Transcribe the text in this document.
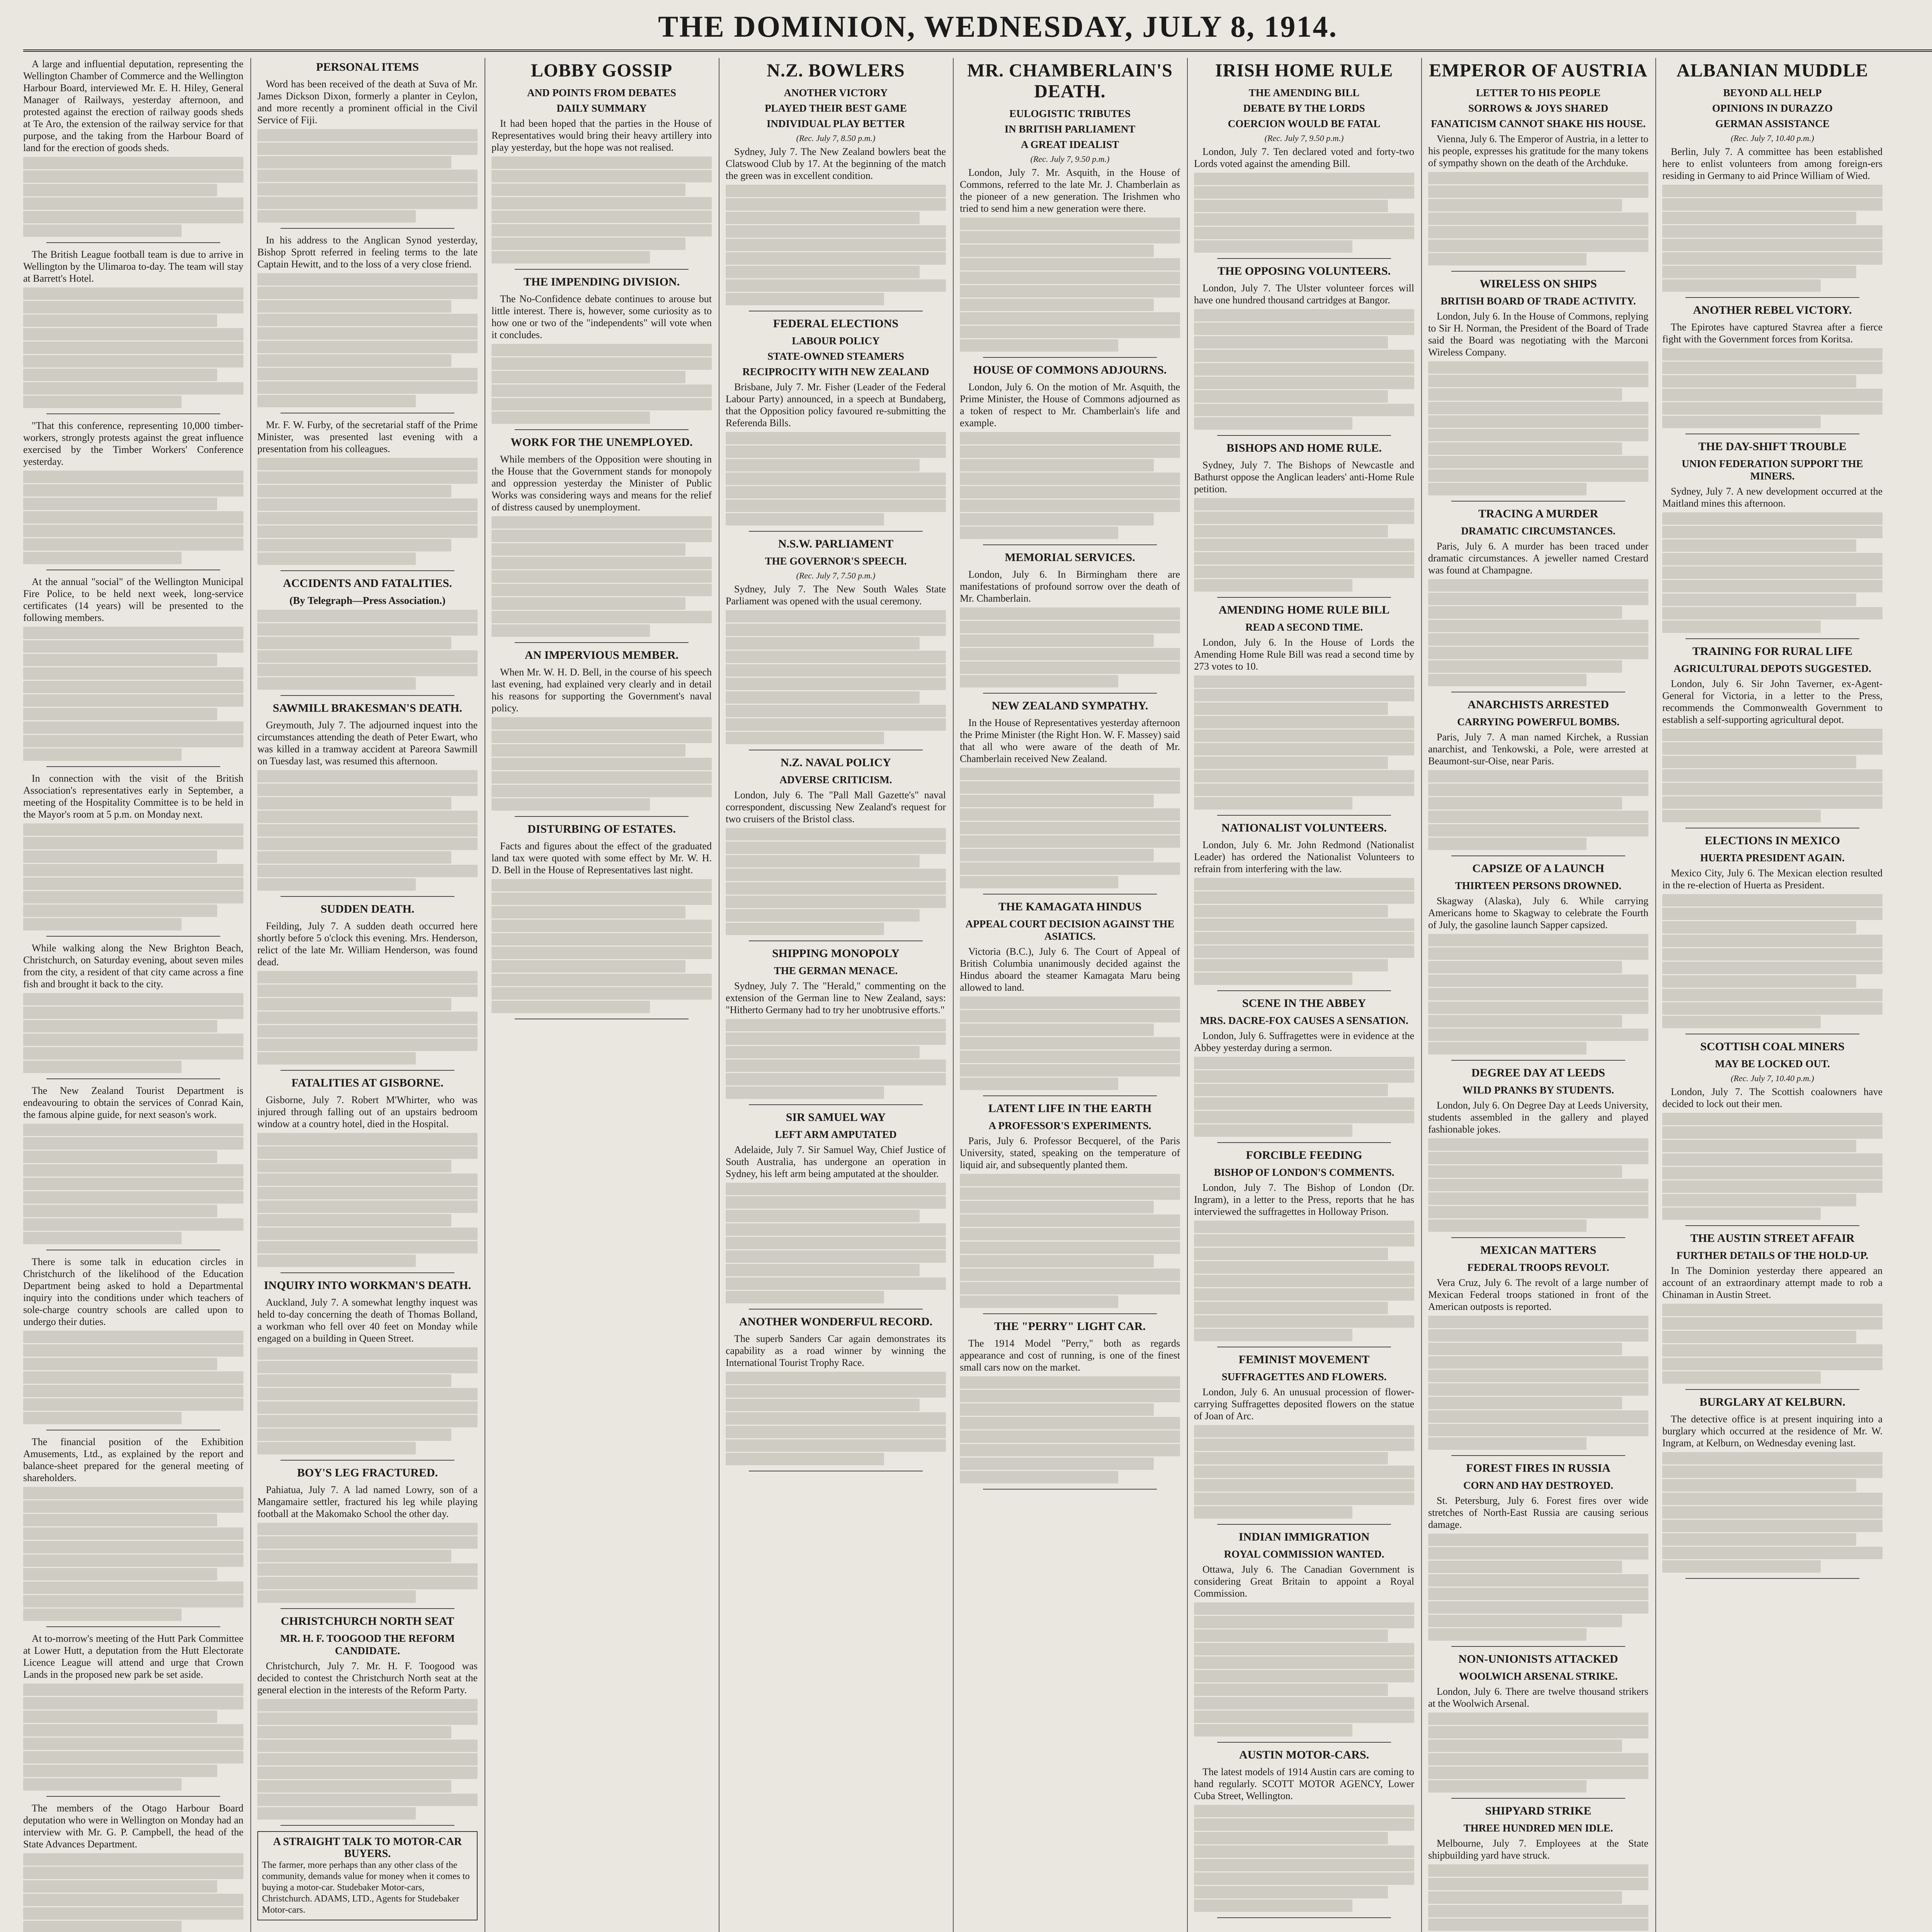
THE DOMINION, WEDNESDAY, JULY 8, 1914.

A large and influential deputation, representing the Wellington Chamber of Commerce and the Wellington Harbour Board, interviewed Mr. E. H. Hiley, General Manager of Railways, yesterday afternoon, and protested against the erection of railway goods sheds at Te Aro, the extension of the railway service for that purpose, and the taking from the Harbour Board of land for the erection of goods sheds.

The British League football team is due to arrive in Wellington by the Ulimaroa to-day. The team will stay at Barrett's Hotel.

"That this conference, representing 10,000 timber-workers, strongly protests against the great influence exercised by the Timber Workers' Conference yesterday.

At the annual "social" of the Wellington Municipal Fire Police, to be held next week, long-service certificates (14 years) will be presented to the following members.

In connection with the visit of the British Association's representatives early in September, a meeting of the Hospitality Committee is to be held in the Mayor's room at 5 p.m. on Monday next.

While walking along the New Brighton Beach, Christchurch, on Saturday evening, about seven miles from the city, a resident of that city came across a fine fish and brought it back to the city.

The New Zealand Tourist Department is endeavouring to obtain the services of Conrad Kain, the famous alpine guide, for next season's work.

There is some talk in education circles in Christchurch of the likelihood of the Education Department being asked to hold a Departmental inquiry into the conditions under which teachers of sole-charge country schools are called upon to undergo their duties.

The financial position of the Exhibition Amusements, Ltd., as explained by the report and balance-sheet prepared for the general meeting of shareholders.

At to-morrow's meeting of the Hutt Park Committee at Lower Hutt, a deputation from the Hutt Electorate Licence League will attend and urge that Crown Lands in the proposed new park be set aside.

The members of the Otago Harbour Board deputation who were in Wellington on Monday had an interview with Mr. G. P. Campbell, the head of the State Advances Department.

PERSONAL ITEMS

Word has been received of the death at Suva of Mr. James Dickson Dixon, formerly a planter in Ceylon, and more recently a prominent official in the Civil Service of Fiji.

In his address to the Anglican Synod yesterday, Bishop Sprott referred in feeling terms to the late Captain Hewitt, and to the loss of a very close friend.

Mr. F. W. Furby, of the secretarial staff of the Prime Minister, was presented last evening with a presentation from his colleagues.

ACCIDENTS AND FATALITIES.
(By Telegraph—Press Association.)
SAWMILL BRAKESMAN'S DEATH.

Greymouth, July 7. The adjourned inquest into the circumstances attending the death of Peter Ewart, who was killed in a tramway accident at Pareora Sawmill on Tuesday last, was resumed this afternoon.

SUDDEN DEATH.

Feilding, July 7. A sudden death occurred here shortly before 5 o'clock this evening. Mrs. Henderson, relict of the late Mr. William Henderson, was found dead.

FATALITIES AT GISBORNE.

Gisborne, July 7. Robert M'Whirter, who was injured through falling out of an upstairs bedroom window at a country hotel, died in the Hospital.

INQUIRY INTO WORKMAN'S DEATH.

Auckland, July 7. A somewhat lengthy inquest was held to-day concerning the death of Thomas Bolland, a workman who fell over 40 feet on Monday while engaged on a building in Queen Street.

BOY'S LEG FRACTURED.

Pahiatua, July 7. A lad named Lowry, son of a Mangamaire settler, fractured his leg while playing football at the Makomako School the other day.

CHRISTCHURCH NORTH SEAT
MR. H. F. TOOGOOD THE REFORM CANDIDATE.

Christchurch, July 7. Mr. H. F. Toogood was decided to contest the Christchurch North seat at the general election in the interests of the Reform Party.

A STRAIGHT TALK TO MOTOR-CAR BUYERS.
The farmer, more perhaps than any other class of the community, demands value for money when it comes to buying a motor-car. Studebaker Motor-cars, Christchurch. ADAMS, LTD., Agents for Studebaker Motor-cars.
LOBBY GOSSIP
AND POINTS FROM DEBATES
DAILY SUMMARY

It had been hoped that the parties in the House of Representatives would bring their heavy artillery into play yesterday, but the hope was not realised.

THE IMPENDING DIVISION.

The No-Confidence debate continues to arouse but little interest. There is, however, some curiosity as to how one or two of the "independents" will vote when it concludes.

WORK FOR THE UNEMPLOYED.

While members of the Opposition were shouting in the House that the Government stands for monopoly and oppression yesterday the Minister of Public Works was considering ways and means for the relief of distress caused by unemployment.

AN IMPERVIOUS MEMBER.

When Mr. W. H. D. Bell, in the course of his speech last evening, had explained very clearly and in detail his reasons for supporting the Government's naval policy.

DISTURBING OF ESTATES.

Facts and figures about the effect of the graduated land tax were quoted with some effect by Mr. W. H. D. Bell in the House of Representatives last night.

N.Z. BOWLERS
ANOTHER VICTORY
PLAYED THEIR BEST GAME
INDIVIDUAL PLAY BETTER
(Rec. July 7, 8.50 p.m.)

Sydney, July 7. The New Zealand bowlers beat the Clatswood Club by 17. At the beginning of the match the green was in excellent condition.

FEDERAL ELECTIONS
LABOUR POLICY
STATE-OWNED STEAMERS
RECIPROCITY WITH NEW ZEALAND

Brisbane, July 7. Mr. Fisher (Leader of the Federal Labour Party) announced, in a speech at Bundaberg, that the Opposition policy favoured re-submitting the Referenda Bills.

N.S.W. PARLIAMENT
THE GOVERNOR'S SPEECH.
(Rec. July 7, 7.50 p.m.)

Sydney, July 7. The New South Wales State Parliament was opened with the usual ceremony.

N.Z. NAVAL POLICY
ADVERSE CRITICISM.

London, July 6. The "Pall Mall Gazette's" naval correspondent, discussing New Zealand's request for two cruisers of the Bristol class.

SHIPPING MONOPOLY
THE GERMAN MENACE.

Sydney, July 7. The "Herald," commenting on the extension of the German line to New Zealand, says: "Hitherto Germany had to try her unobtrusive efforts."

SIR SAMUEL WAY
LEFT ARM AMPUTATED

Adelaide, July 7. Sir Samuel Way, Chief Justice of South Australia, has undergone an operation in Sydney, his left arm being amputated at the shoulder.

ANOTHER WONDERFUL RECORD.

The superb Sanders Car again demonstrates its capability as a road winner by winning the International Tourist Trophy Race.

MR. CHAMBERLAIN'S DEATH.
EULOGISTIC TRIBUTES
IN BRITISH PARLIAMENT
A GREAT IDEALIST
(Rec. July 7, 9.50 p.m.)

London, July 7. Mr. Asquith, in the House of Commons, referred to the late Mr. J. Chamberlain as the pioneer of a new generation. The Irishmen who tried to send him a new generation were there.

HOUSE OF COMMONS ADJOURNS.

London, July 6. On the motion of Mr. Asquith, the Prime Minister, the House of Commons adjourned as a token of respect to Mr. Chamberlain's life and example.

MEMORIAL SERVICES.

London, July 6. In Birmingham there are manifestations of profound sorrow over the death of Mr. Chamberlain.

NEW ZEALAND SYMPATHY.

In the House of Representatives yesterday afternoon the Prime Minister (the Right Hon. W. F. Massey) said that all who were aware of the death of Mr. Chamberlain received New Zealand.

THE KAMAGATA HINDUS
APPEAL COURT DECISION AGAINST THE ASIATICS.

Victoria (B.C.), July 6. The Court of Appeal of British Columbia unanimously decided against the Hindus aboard the steamer Kamagata Maru being allowed to land.

LATENT LIFE IN THE EARTH
A PROFESSOR'S EXPERIMENTS.

Paris, July 6. Professor Becquerel, of the Paris University, stated, speaking on the temperature of liquid air, and subsequently planted them.

THE "PERRY" LIGHT CAR.

The 1914 Model "Perry," both as regards appearance and cost of running, is one of the finest small cars now on the market.

IRISH HOME RULE
THE AMENDING BILL
DEBATE BY THE LORDS
COERCION WOULD BE FATAL
(Rec. July 7, 9.50 p.m.)

London, July 7. Ten declared voted and forty-two Lords voted against the amending Bill.

THE OPPOSING VOLUNTEERS.

London, July 7. The Ulster volunteer forces will have one hundred thousand cartridges at Bangor.

BISHOPS AND HOME RULE.

Sydney, July 7. The Bishops of Newcastle and Bathurst oppose the Anglican leaders' anti-Home Rule petition.

AMENDING HOME RULE BILL
READ A SECOND TIME.

London, July 6. In the House of Lords the Amending Home Rule Bill was read a second time by 273 votes to 10.

NATIONALIST VOLUNTEERS.

London, July 6. Mr. John Redmond (Nationalist Leader) has ordered the Nationalist Volunteers to refrain from interfering with the law.

SCENE IN THE ABBEY
MRS. DACRE-FOX CAUSES A SENSATION.

London, July 6. Suffragettes were in evidence at the Abbey yesterday during a sermon.

FORCIBLE FEEDING
BISHOP OF LONDON'S COMMENTS.

London, July 7. The Bishop of London (Dr. Ingram), in a letter to the Press, reports that he has interviewed the suffragettes in Holloway Prison.

FEMINIST MOVEMENT
SUFFRAGETTES AND FLOWERS.

London, July 6. An unusual procession of flower-carrying Suffragettes deposited flowers on the statue of Joan of Arc.

INDIAN IMMIGRATION
ROYAL COMMISSION WANTED.

Ottawa, July 6. The Canadian Government is considering Great Britain to appoint a Royal Commission.

AUSTIN MOTOR-CARS.

The latest models of 1914 Austin cars are coming to hand regularly. SCOTT MOTOR AGENCY, Lower Cuba Street, Wellington.

EMPEROR OF AUSTRIA
LETTER TO HIS PEOPLE
SORROWS & JOYS SHARED
FANATICISM CANNOT SHAKE HIS HOUSE.

Vienna, July 6. The Emperor of Austria, in a letter to his people, expresses his gratitude for the many tokens of sympathy shown on the death of the Archduke.

WIRELESS ON SHIPS
BRITISH BOARD OF TRADE ACTIVITY.

London, July 6. In the House of Commons, replying to Sir H. Norman, the President of the Board of Trade said the Board was negotiating with the Marconi Wireless Company.

TRACING A MURDER
DRAMATIC CIRCUMSTANCES.

Paris, July 6. A murder has been traced under dramatic circumstances. A jeweller named Crestard was found at Champagne.

ANARCHISTS ARRESTED
CARRYING POWERFUL BOMBS.

Paris, July 7. A man named Kirchek, a Russian anarchist, and Tenkowski, a Pole, were arrested at Beaumont-sur-Oise, near Paris.

CAPSIZE OF A LAUNCH
THIRTEEN PERSONS DROWNED.

Skagway (Alaska), July 6. While carrying Americans home to Skagway to celebrate the Fourth of July, the gasoline launch Sapper capsized.

DEGREE DAY AT LEEDS
WILD PRANKS BY STUDENTS.

London, July 6. On Degree Day at Leeds University, students assembled in the gallery and played fashionable jokes.

MEXICAN MATTERS
FEDERAL TROOPS REVOLT.

Vera Cruz, July 6. The revolt of a large number of Mexican Federal troops stationed in front of the American outposts is reported.

FOREST FIRES IN RUSSIA
CORN AND HAY DESTROYED.

St. Petersburg, July 6. Forest fires over wide stretches of North-East Russia are causing serious damage.

NON-UNIONISTS ATTACKED
WOOLWICH ARSENAL STRIKE.

London, July 6. There are twelve thousand strikers at the Woolwich Arsenal.

SHIPYARD STRIKE
THREE HUNDRED MEN IDLE.

Melbourne, July 7. Employees at the State shipbuilding yard have struck.

ALBANIAN MUDDLE
BEYOND ALL HELP
OPINIONS IN DURAZZO
GERMAN ASSISTANCE
(Rec. July 7, 10.40 p.m.)

Berlin, July 7. A committee has been established here to enlist volunteers from among foreign-ers residing in Germany to aid Prince William of Wied.

ANOTHER REBEL VICTORY.

The Epirotes have captured Stavrea after a fierce fight with the Government forces from Koritsa.

THE DAY-SHIFT TROUBLE
UNION FEDERATION SUPPORT THE MINERS.

Sydney, July 7. A new development occurred at the Maitland mines this afternoon.

TRAINING FOR RURAL LIFE
AGRICULTURAL DEPOTS SUGGESTED.

London, July 6. Sir John Taverner, ex-Agent-General for Victoria, in a letter to the Press, recommends the Commonwealth Government to establish a self-supporting agricultural depot.

ELECTIONS IN MEXICO
HUERTA PRESIDENT AGAIN.

Mexico City, July 6. The Mexican election resulted in the re-election of Huerta as President.

SCOTTISH COAL MINERS
MAY BE LOCKED OUT.
(Rec. July 7, 10.40 p.m.)

London, July 7. The Scottish coalowners have decided to lock out their men.

THE AUSTIN STREET AFFAIR
FURTHER DETAILS OF THE HOLD-UP.

In The Dominion yesterday there appeared an account of an extraordinary attempt made to rob a Chinaman in Austin Street.

BURGLARY AT KELBURN.

The detective office is at present inquiring into a burglary which occurred at the residence of Mr. W. Ingram, at Kelburn, on Wednesday evening last.
